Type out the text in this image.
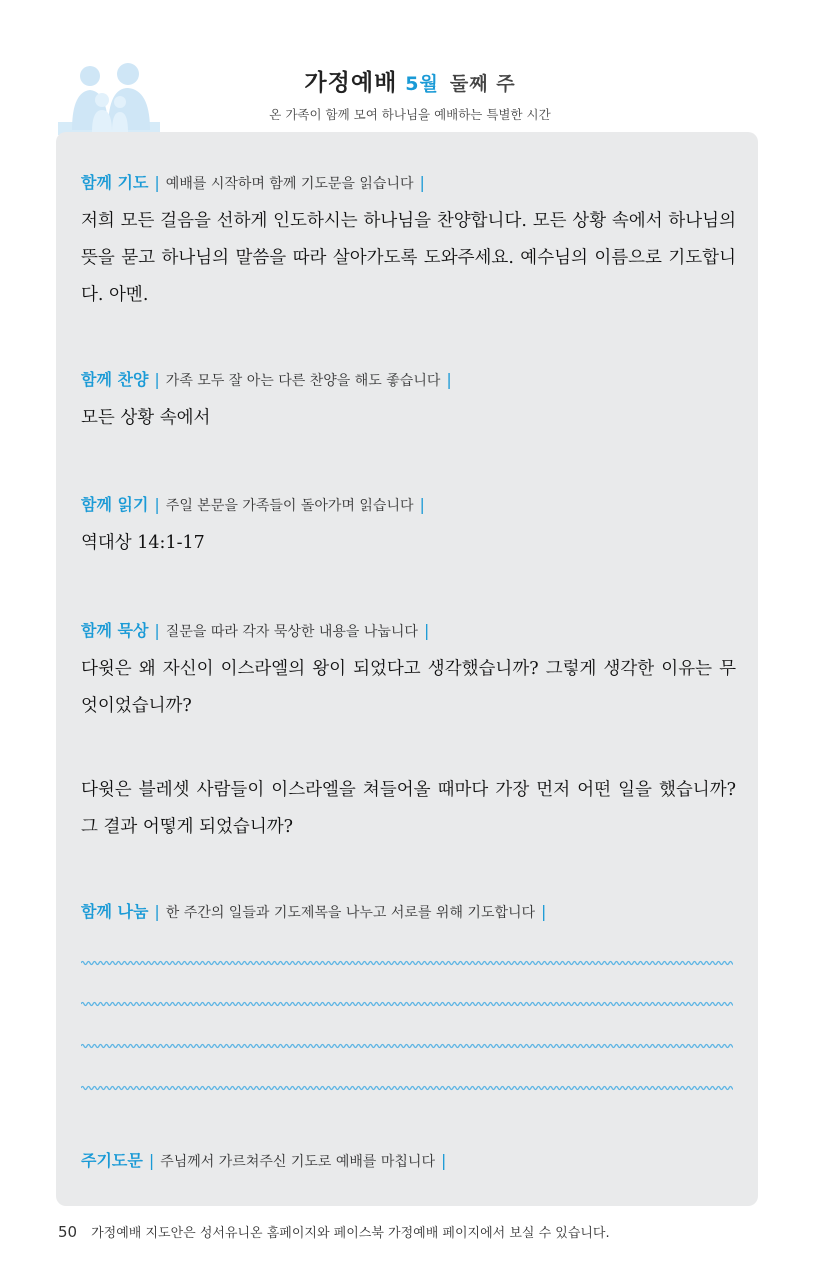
가정예배 5월 둘째 주
온 가족이 함께 모여 하나님을 예배하는 특별한 시간
함께 기도 | 예배를 시작하며 함께 기도문을 읽습니다 |
저희 모든 걸음을 선하게 인도하시는 하나님을 찬양합니다. 모든 상황 속에서 하나님의 뜻을 묻고 하나님의 말씀을 따라 살아가도록 도와주세요. 예수님의 이름으로 기도합니다. 아멘.
함께 찬양 | 가족 모두 잘 아는 다른 찬양을 해도 좋습니다 |
모든 상황 속에서
함께 읽기 | 주일 본문을 가족들이 돌아가며 읽습니다 |
역대상 14:1-17
함께 묵상 | 질문을 따라 각자 묵상한 내용을 나눕니다 |
다윗은 왜 자신이 이스라엘의 왕이 되었다고 생각했습니까? 그렇게 생각한 이유는 무엇이었습니까?
다윗은 블레셋 사람들이 이스라엘을 쳐들어올 때마다 가장 먼저 어떤 일을 했습니까? 그 결과 어떻게 되었습니까?
함께 나눔 | 한 주간의 일들과 기도제목을 나누고 서로를 위해 기도합니다 |
주기도문 | 주님께서 가르쳐주신 기도로 예배를 마칩니다 |
50 가정예배 지도안은 성서유니온 홈페이지와 페이스북 가정예배 페이지에서 보실 수 있습니다.
